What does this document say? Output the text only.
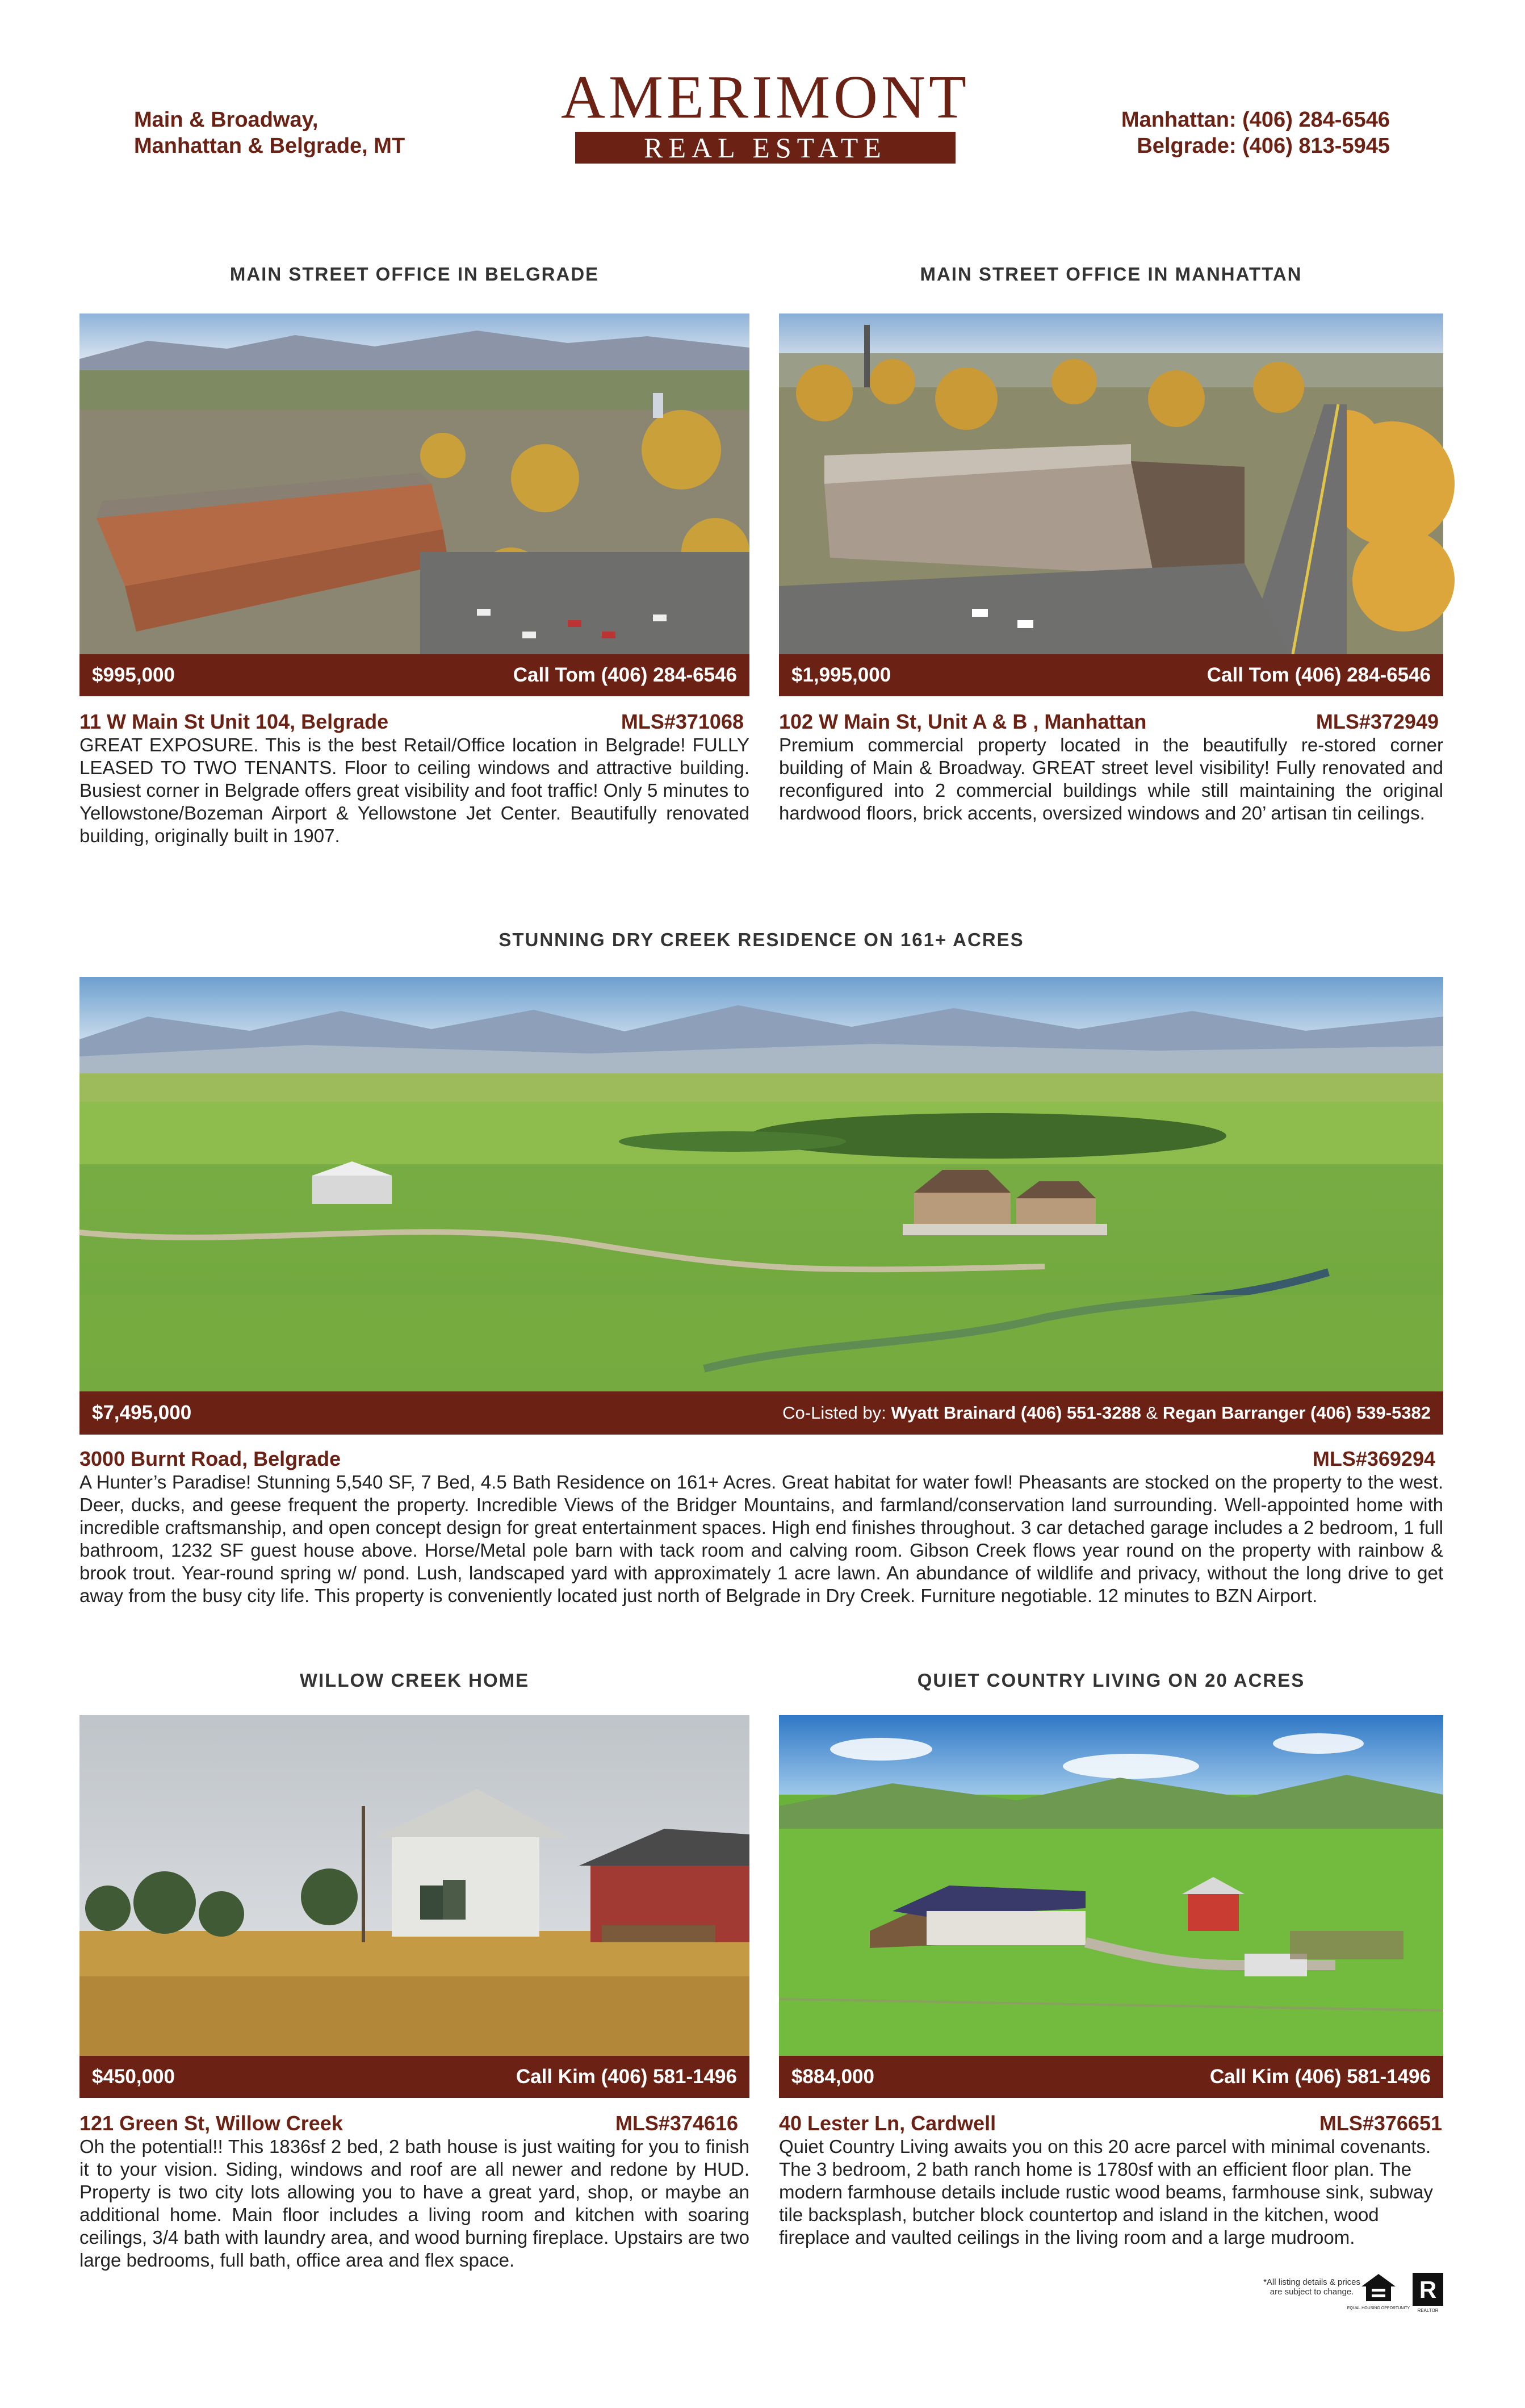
Main & Broadway,
Manhattan & Belgrade, MT
AMERIMONT
REAL ESTATE
Manhattan: (406) 284-6546
Belgrade: (406) 813-5945
MAIN STREET OFFICE IN BELGRADE
$995,000	Call Tom (406) 284-6546
11 W Main St Unit 104, Belgrade	MLS#371068
GREAT EXPOSURE. This is the best Retail/Office location in Belgrade! FULLY LEASED TO TWO TENANTS. Floor to ceiling windows and attractive building. Busiest corner in Belgrade offers great visibility and foot traffic! Only 5 minutes to Yellowstone/Bozeman Airport & Yellowstone Jet Center. Beautifully renovated building, originally built in 1907.
MAIN STREET OFFICE IN MANHATTAN
$1,995,000	Call Tom (406) 284-6546
102 W Main St, Unit A & B , Manhattan	MLS#372949
Premium commercial property located in the beautifully re-stored corner building of Main & Broadway. GREAT street level visibility! Fully renovated and reconfigured into 2 commercial buildings while still maintaining the original hardwood floors, brick accents, oversized windows and 20’ artisan tin ceilings.
STUNNING DRY CREEK RESIDENCE ON 161+ ACRES
$7,495,000	Co-Listed by: Wyatt Brainard (406) 551-3288 & Regan Barranger (406) 539-5382
3000 Burnt Road, Belgrade	MLS#369294
A Hunter’s Paradise! Stunning 5,540 SF, 7 Bed, 4.5 Bath Residence on 161+ Acres. Great habitat for water fowl! Pheasants are stocked on the property to the west. Deer, ducks, and geese frequent the property. Incredible Views of the Bridger Mountains, and farmland/conservation land surrounding. Well-appointed home with incredible craftsmanship, and open concept design for great entertainment spaces. High end finishes throughout. 3 car detached garage includes a 2 bedroom, 1 full bathroom, 1232 SF guest house above. Horse/Metal pole barn with tack room and calving room. Gibson Creek flows year round on the property with rainbow & brook trout. Year-round spring w/ pond. Lush, landscaped yard with approximately 1 acre lawn. An abundance of wildlife and privacy, without the long drive to get away from the busy city life. This property is conveniently located just north of Belgrade in Dry Creek. Furniture negotiable. 12 minutes to BZN Airport.
WILLOW CREEK HOME
$450,000	Call Kim (406) 581-1496
121 Green St, Willow Creek	MLS#374616
Oh the potential!! This 1836sf 2 bed, 2 bath house is just waiting for you to finish it to your vision. Siding, windows and roof are all newer and redone by HUD. Property is two city lots allowing you to have a great yard, shop, or maybe an additional home. Main floor includes a living room and kitchen with soaring ceilings, 3/4 bath with laundry area, and wood burning fireplace. Upstairs are two large bedrooms, full bath, office area and flex space.
QUIET COUNTRY LIVING ON 20 ACRES
$884,000	Call Kim (406) 581-1496
40 Lester Ln, Cardwell	MLS#376651
Quiet Country Living awaits you on this 20 acre parcel with minimal covenants. The 3 bedroom, 2 bath ranch home is 1780sf with an efficient floor plan. The modern farmhouse details include rustic wood beams, farmhouse sink, subway tile backsplash, butcher block countertop and island in the kitchen, wood fireplace and vaulted ceilings in the living room and a large mudroom.
*All listing details & prices
are subject to change.
EQUAL HOUSING OPPORTUNITY
R
REALTOR
